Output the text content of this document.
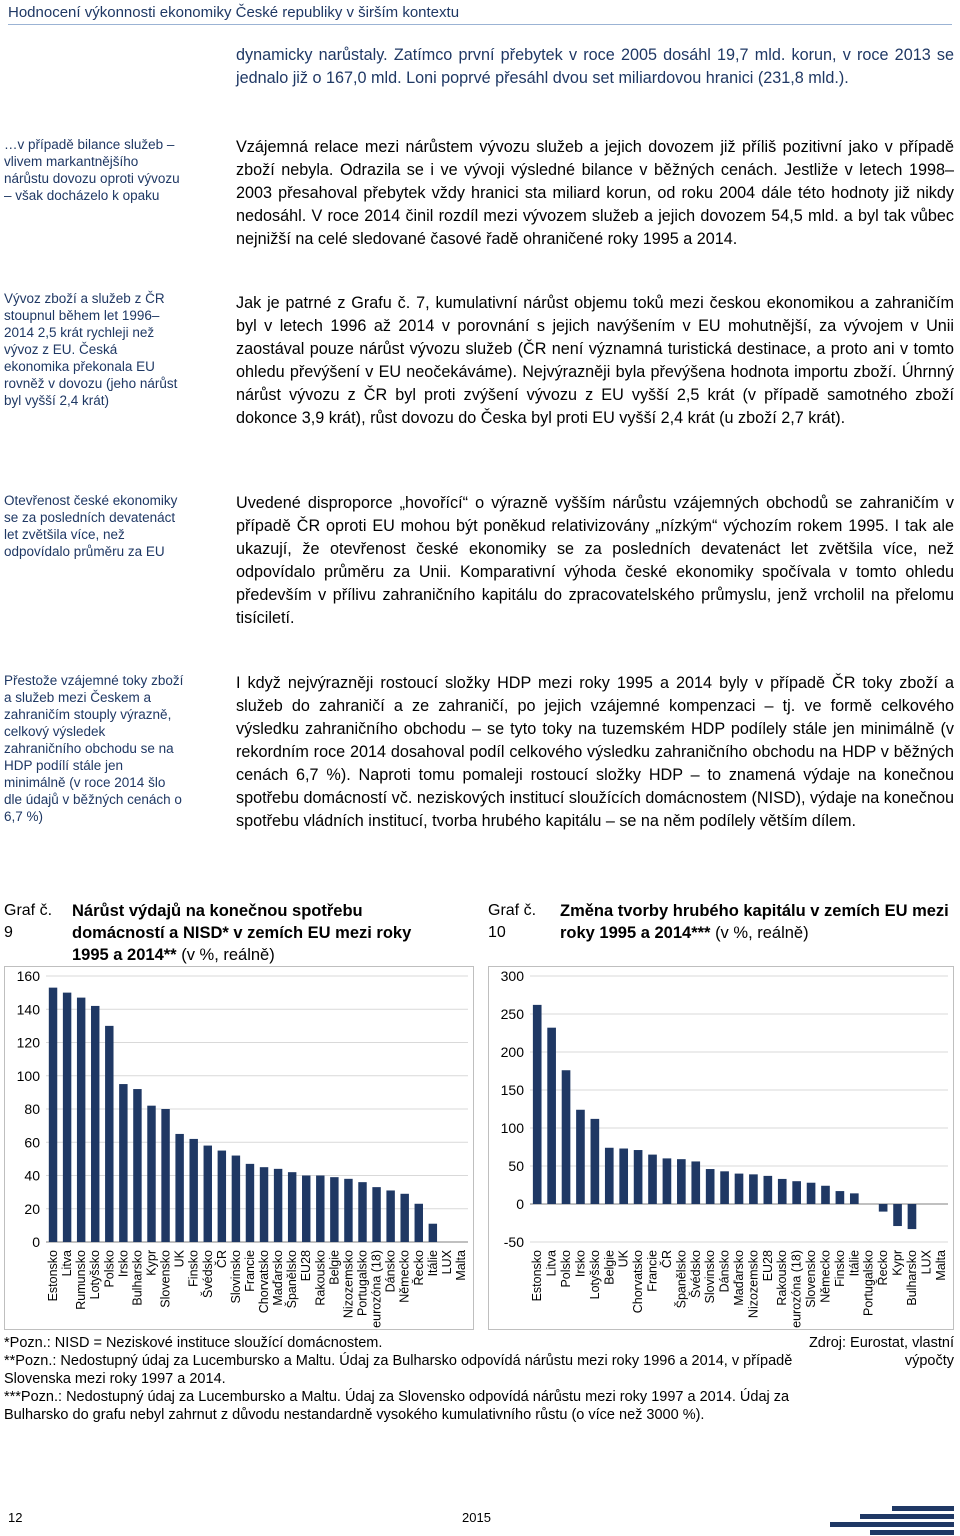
Hodnocení výkonnosti ekonomiky České republiky v širším kontextu
…v případě bilance služeb – vlivem markantnějšího nárůstu dovozu oproti vývozu – však docházelo k opaku
Vývoz zboží a služeb z ČR stoupnul během let 1996–2014 2,5 krát rychleji než vývoz z EU. Česká ekonomika překonala EU rovněž v dovozu (jeho nárůst byl vyšší 2,4 krát)
Otevřenost české ekonomiky se za posledních devatenáct let zvětšila více, než odpovídalo průměru za EU
Přestože vzájemné toky zboží a služeb mezi Českem a zahraničím stouply výrazně, celkový výsledek zahraničního obchodu se na HDP podílí stále jen minimálně (v roce 2014 šlo dle údajů v běžných cenách o 6,7 %)

dynamicky narůstaly. Zatímco první přebytek v roce 2005 dosáhl 19,7 mld. korun, v roce 2013 se jednalo již o 167,0 mld. Loni poprvé přesáhl dvou set miliardovou hranici (231,8 mld.).

Vzájemná relace mezi nárůstem vývozu služeb a jejich dovozem již příliš pozitivní jako v případě zboží nebyla. Odrazila se i ve vývoji výsledné bilance v běžných cenách. Jestliže v letech 1998–2003 přesahoval přebytek vždy hranici sta miliard korun, od roku 2004 dále této hodnoty již nikdy nedosáhl. V roce 2014 činil rozdíl mezi vývozem služeb a jejich dovozem 54,5 mld. a byl tak vůbec nejnižší na celé sledované časové řadě ohraničené roky 1995 a 2014.

Jak je patrné z Grafu č. 7, kumulativní nárůst objemu toků mezi českou ekonomikou a zahraničím byl v letech 1996 až 2014 v porovnání s jejich navýšením v EU mohutnější, za vývojem v Unii zaostával pouze nárůst vývozu služeb (ČR není významná turistická destinace, a proto ani v tomto ohledu převýšení v EU neočekáváme). Nejvýrazněji byla převýšena hodnota importu zboží. Úhrnný nárůst vývozu z ČR byl proti zvýšení vývozu z EU vyšší 2,5 krát (v případě samotného zboží dokonce 3,9 krát), růst dovozu do Česka byl proti EU vyšší 2,4 krát (u zboží 2,7 krát).

Uvedené disproporce „hovořící“ o výrazně vyšším nárůstu vzájemných obchodů se zahraničím v případě ČR oproti EU mohou být poněkud relativizovány „nízkým“ výchozím rokem 1995. I tak ale ukazují, že otevřenost české ekonomiky se za posledních devatenáct let zvětšila více, než odpovídalo průměru za Unii. Komparativní výhoda české ekonomiky spočívala v tomto ohledu především v přílivu zahraničního kapitálu do zpracovatelského průmyslu, jenž vrcholil na přelomu tisíciletí.

I když nejvýrazněji rostoucí složky HDP mezi roky 1995 a 2014 byly v případě ČR toky zboží a služeb do zahraničí a ze zahraničí, po jejich vzájemné kompenzaci – tj. ve formě celkového výsledku zahraničního obchodu – se tyto toky na tuzemském HDP podílely stále jen minimálně (v rekordním roce 2014 dosahoval podíl celkového výsledku zahraničního obchodu na HDP v běžných cenách 6,7 %). Naproti tomu pomaleji rostoucí složky HDP – to znamená výdaje na konečnou spotřebu domácností vč. neziskových institucí sloužících domácnostem (NISD), výdaje na konečnou spotřebu vládních institucí, tvorba hrubého kapitálu – se na něm podílely větším dílem.

Graf č. 9
Nárůst výdajů na konečnou spotřebu domácností a NISD* v zemích EU mezi roky 1995 a 2014** (v %, reálně)
Graf č. 10
Změna tvorby hrubého kapitálu v zemích EU mezi roky 1995 a 2014*** (v %, reálně)
0
20
40
60
80
100
120
140
160
Estonsko Litva Rumunsko Lotyšsko Polsko Irsko Bulharsko Kypr Slovensko UK Finsko Švédsko ČR Slovinsko Francie Chorvatsko Maďarsko Španělsko EU28 Rakousko Belgie Nizozemsko Portugalsko eurozóna (18) Dánsko Německo Řecko Itálie LUX Malta
-50
0
50
100
150
200
250
300
Estonsko Litva Polsko Irsko Lotyšsko Belgie UK Chorvatsko Francie ČR Španělsko Švédsko Slovinsko Dánsko Maďarsko Nizozemsko EU28 Rakousko eurozóna (18) Slovensko Německo Finsko Itálie Portugalsko Řecko Kypr Bulharsko LUX Malta
*Pozn.: NISD = Neziskové instituce sloužící domácnostem.
**Pozn.: Nedostupný údaj za Lucembursko a Maltu. Údaj za Bulharsko odpovídá nárůstu mezi roky 1996 a 2014, v případě Slovenska mezi roky 1997 a 2014.
***Pozn.: Nedostupný údaj za Lucembursko a Maltu. Údaj za Slovensko odpovídá nárůstu mezi roky 1997 a 2014. Údaj za Bulharsko do grafu nebyl zahrnut z důvodu nestandardně vysokého kumulativního růstu (o více než 3000 %).
Zdroj: Eurostat, vlastní výpočty
12	2015
